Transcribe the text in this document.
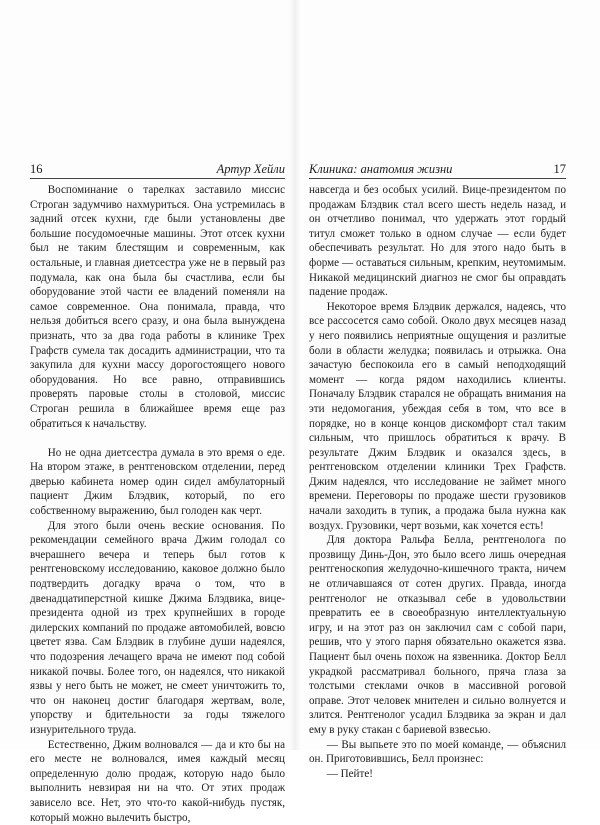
16	Артур Хейли

Воспоминание о тарелках заставило миссис Строган задумчиво нахмуриться. Она устремилась в задний отсек кухни, где были установлены две большие посудомоечные машины. Этот отсек кухни был не таким блестящим и современным, как остальные, и главная диетсестра уже не в первый раз подумала, как она была бы счастлива, если бы оборудование этой части ее владений поменяли на самое современное. Она понимала, правда, что нельзя добиться всего сразу, и она была вынуждена признать, что за два года работы в клинике Трех Графств сумела так досадить администрации, что та закупила для кухни массу дорогостоящего нового оборудования. Но все равно, отправившись проверять паровые столы в столовой, миссис Строган решила в ближайшее время еще раз обратиться к начальству.

Но не одна диетсестра думала в это время о еде. На втором этаже, в рентгеновском отделении, перед дверью кабинета номер один сидел амбулаторный пациент Джим Блэдвик, который, по его собственному выражению, был голоден как черт.

Для этого были очень веские основания. По рекомендации семейного врача Джим голодал со вчерашнего вечера и теперь был готов к рентгеновскому исследованию, каковое должно было подтвердить догадку врача о том, что в двенадцатиперстной кишке Джима Блэдвика, вице-президента одной из трех крупнейших в городе дилерских компаний по продаже автомобилей, вовсю цветет язва. Сам Блэдвик в глубине души надеялся, что подозрения лечащего врача не имеют под собой никакой почвы. Более того, он надеялся, что никакой язвы у него быть не может, не смеет уничтожить то, что он наконец достиг благодаря жертвам, воле, упорству и бдительности за годы тяжелого изнурительного труда.

Естественно, Джим волновался — да и кто бы на его месте не волновался, имея каждый месяц определенную долю продаж, которую надо было выполнить невзирая ни на что. От этих продаж зависело все. Нет, это что-то какой-нибудь пустяк, который можно вылечить быстро,

Клиника: анатомия жизни	17

навсегда и без особых усилий. Вице-президентом по продажам Блэдвик стал всего шесть недель назад, и он отчетливо понимал, что удержать этот гордый титул сможет только в одном случае — если будет обеспечивать результат. Но для этого надо быть в форме — оставаться сильным, крепким, неутомимым. Никакой медицинский диагноз не смог бы оправдать падение продаж.

Некоторое время Блэдвик держался, надеясь, что все рассосется само собой. Около двух месяцев назад у него появились неприятные ощущения и разлитые боли в области желудка; появилась и отрыжка. Она зачастую беспокоила его в самый неподходящий момент — когда рядом находились клиенты. Поначалу Блэдвик старался не обращать внимания на эти недомогания, убеждая себя в том, что все в порядке, но в конце концов дискомфорт стал таким сильным, что пришлось обратиться к врачу. В результате Джим Блэдвик и оказался здесь, в рентгеновском отделении клиники Трех Графств. Джим надеялся, что исследование не займет много времени. Переговоры по продаже шести грузовиков начали заходить в тупик, а продажа была нужна как воздух. Грузовики, черт возьми, как хочется есть!

Для доктора Ральфа Белла, рентгенолога по прозвищу Динь-Дон, это было всего лишь очередная рентгеноскопия желудочно-кишечного тракта, ничем не отличавшаяся от сотен других. Правда, иногда рентгенолог не отказывал себе в удовольствии превратить ее в своеобразную интеллектуальную игру, и на этот раз он заключил сам с собой пари, решив, что у этого парня обязательно окажется язва. Пациент был очень похож на язвенника. Доктор Белл украдкой рассматривал больного, пряча глаза за толстыми стеклами очков в массивной роговой оправе. Этот человек мнителен и сильно волнуется и злится. Рентгенолог усадил Блэдвика за экран и дал ему в руку стакан с бариевой взвесью.

— Вы выпьете это по моей команде, — объяснил он. Приготовившись, Белл произнес:

— Пейте!
